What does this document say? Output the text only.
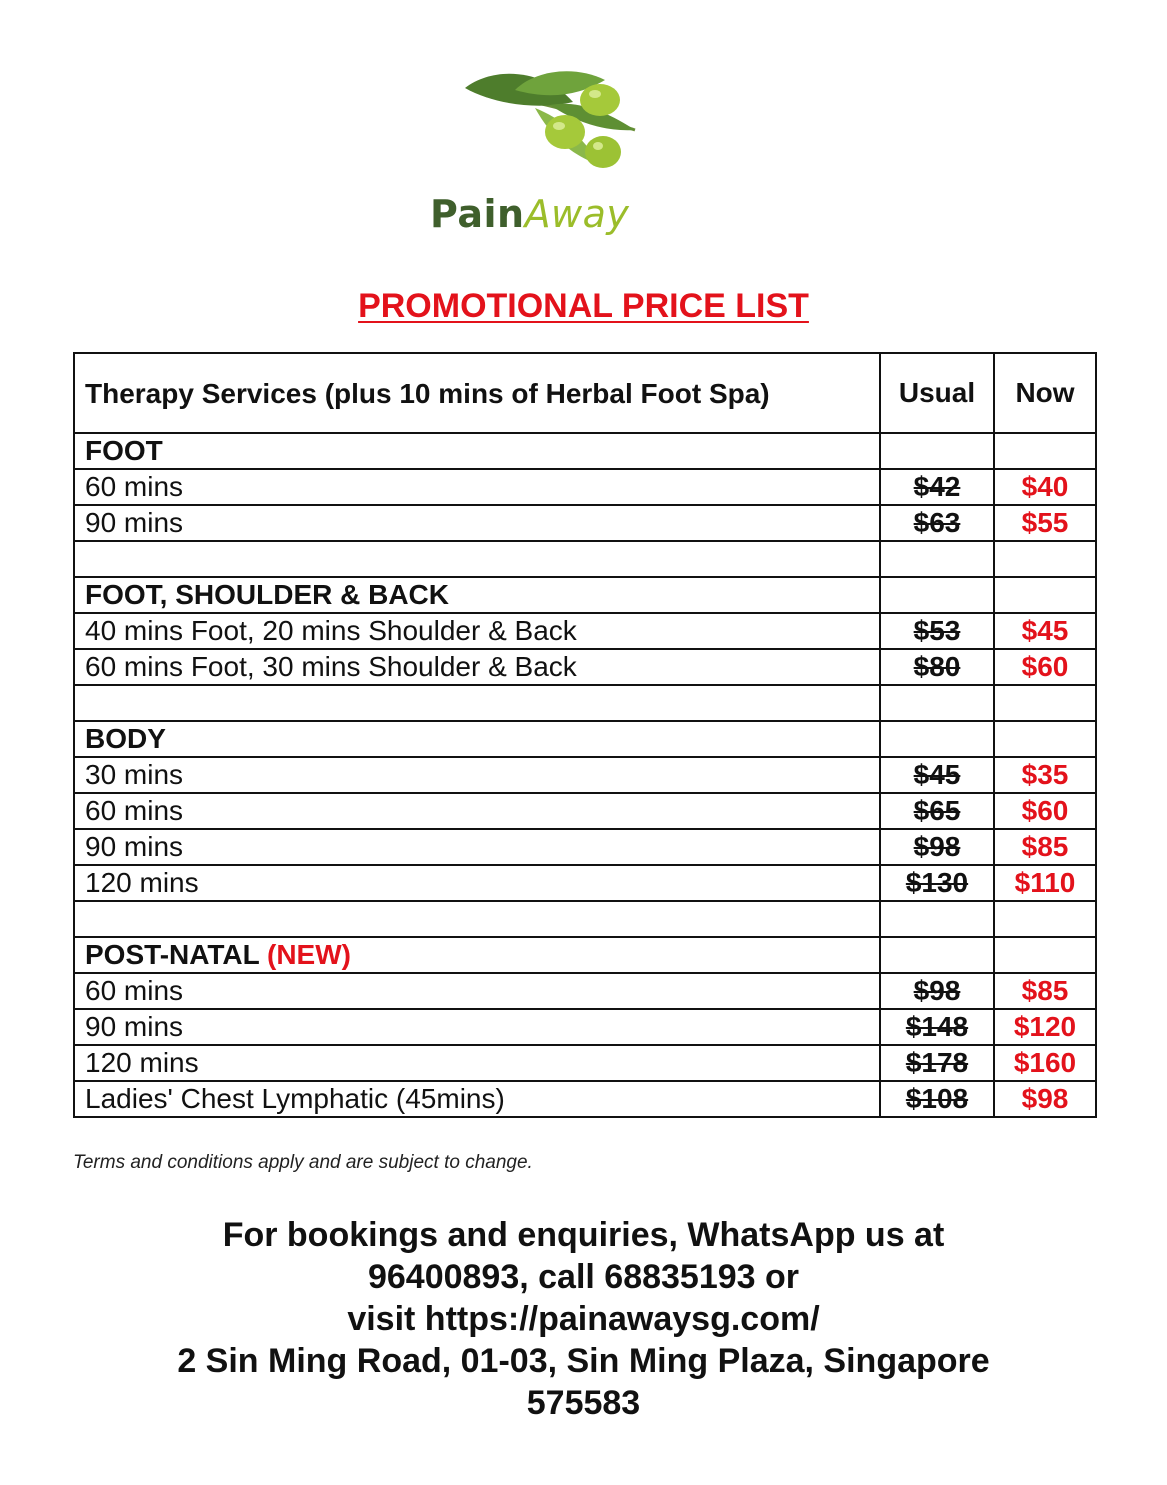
PainAway
PROMOTIONAL PRICE LIST
Therapy Services (plus 10 mins of Herbal Foot Spa)	Usual	Now
FOOT		
60 mins	$42	$40
90 mins	$63	$55

FOOT, SHOULDER & BACK		
40 mins Foot, 20 mins Shoulder & Back	$53	$45
60 mins Foot, 30 mins Shoulder & Back	$80	$60

BODY		
30 mins	$45	$35
60 mins	$65	$60
90 mins	$98	$85
120 mins	$130	$110

POST-NATAL (NEW)		
60 mins	$98	$85
90 mins	$148	$120
120 mins	$178	$160
Ladies' Chest Lymphatic (45mins)	$108	$98
Terms and conditions apply and are subject to change.
For bookings and enquiries, WhatsApp us at
96400893, call 68835193 or
visit https://painawaysg.com/
2 Sin Ming Road, 01-03, Sin Ming Plaza, Singapore
575583
